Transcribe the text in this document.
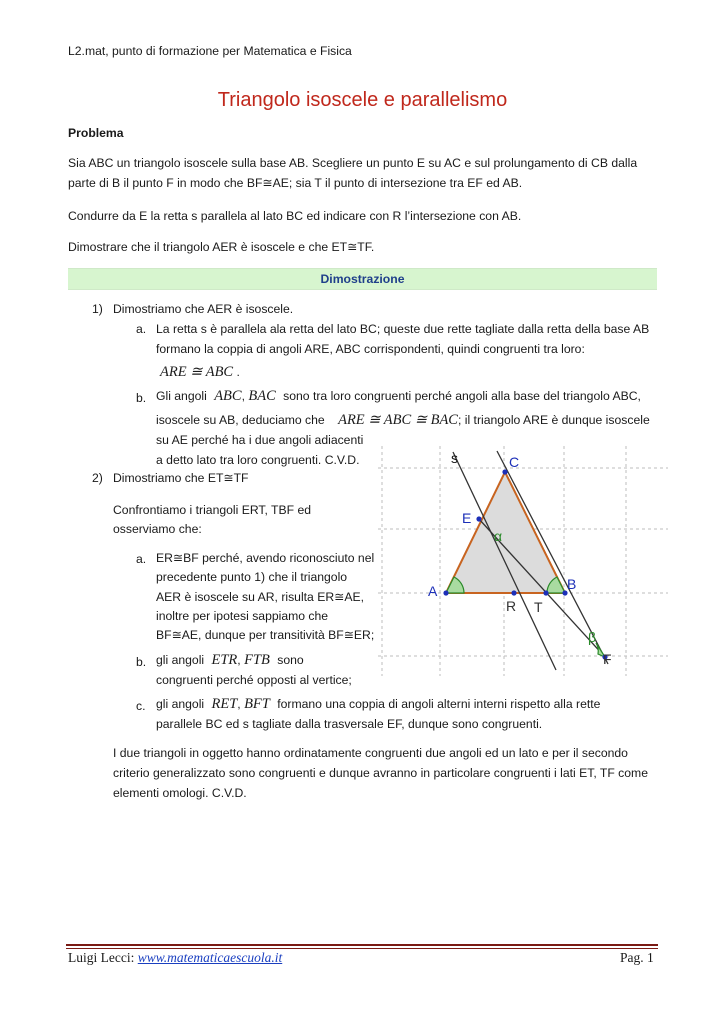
L2.mat, punto di formazione per Matematica e Fisica
Triangolo isoscele e parallelismo
Problema
Sia ABC un triangolo isoscele sulla base AB. Scegliere un punto E su AC e sul prolungamento di CB dalla
parte di B il punto F in modo che BF≅AE; sia T il punto di intersezione tra EF ed AB.
Condurre da E la retta s parallela al lato BC ed indicare con R l’intersezione con AB.
Dimostrare che il triangolo AER è isoscele e che ET≅TF.
Dimostrazione
1) Dimostriamo che AER è isoscele.
a. La retta s è parallela ala retta del lato BC; queste due rette tagliate dalla retta della base AB
formano la coppia di angoli ARE, ABC corrispondenti, quindi congruenti tra loro:
ARE ≅ ABC .
b. Gli angoli ABC, BAC sono tra loro congruenti perché angoli alla base del triangolo ABC,
isoscele su AB, deduciamo che ARE ≅ ABC ≅ BAC; il triangolo ARE è dunque isoscele
su AE perché ha i due angoli adiacenti
a detto lato tra loro congruenti. C.V.D.
2) Dimostriamo che ET≅TF
Confrontiamo i triangoli ERT, TBF ed
osserviamo che:
a. ER≅BF perché, avendo riconosciuto nel
precedente punto 1) che il triangolo
AER è isoscele su AR, risulta ER≅AE,
inoltre per ipotesi sappiamo che
BF≅AE, dunque per transitività BF≅ER;
b. gli angoli ETR, FTB sono
congruenti perché opposti al vertice;
c. gli angoli RET, BFT formano una coppia di angoli alterni interni rispetto alla rette
parallele BC ed s tagliate dalla trasversale EF, dunque sono congruenti.
I due triangoli in oggetto hanno ordinatamente congruenti due angoli ed un lato e per il secondo
criterio generalizzato sono congruenti e dunque avranno in particolare congruenti i lati ET, TF come
elementi omologi. C.V.D.
s	C
E
α
A	B
R T
β
F
Luigi Lecci: www.matematicaescuola.it	Pag. 1
